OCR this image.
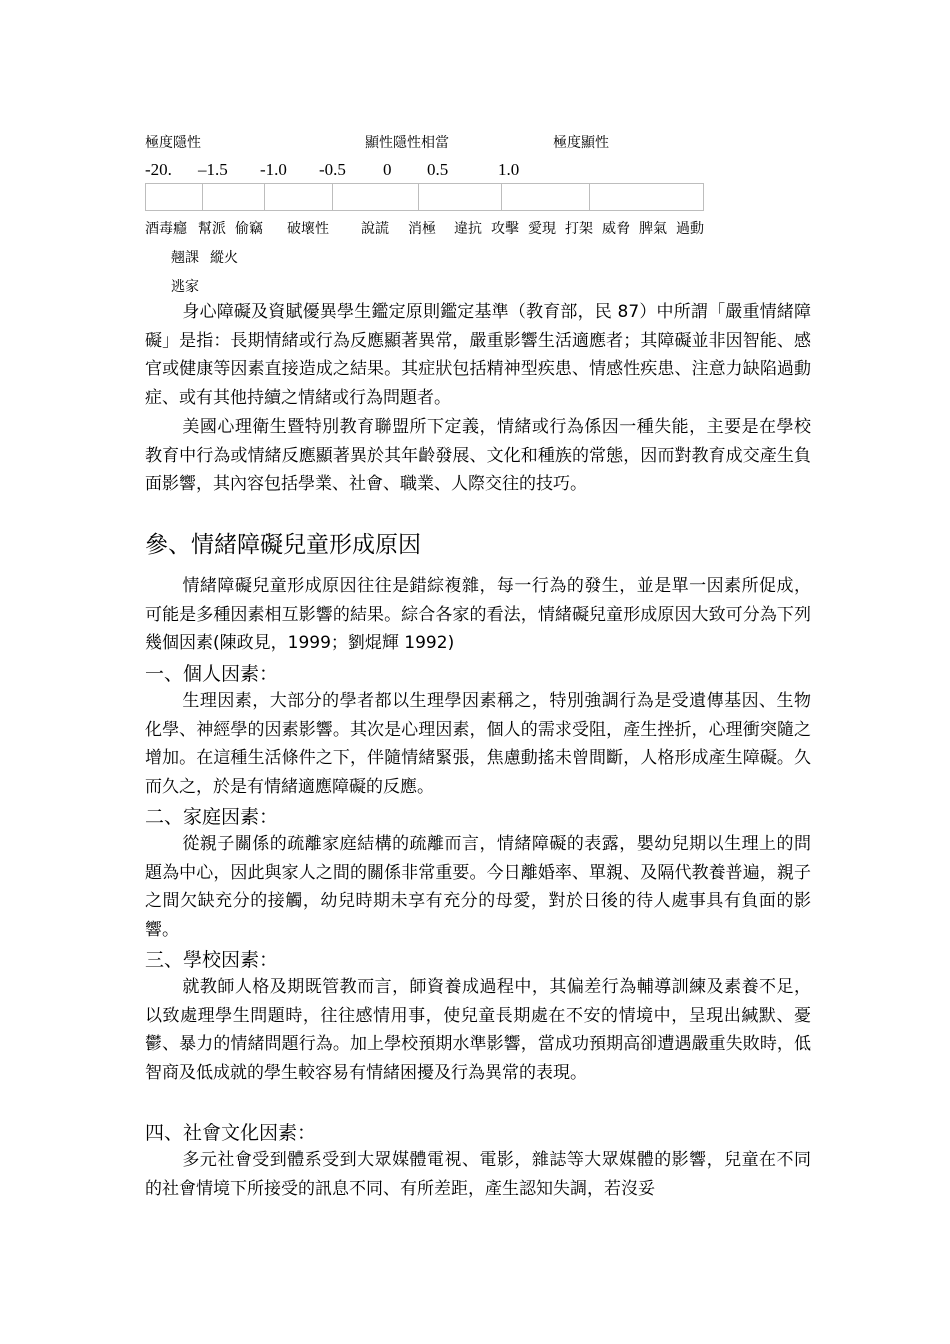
極度隱性	顯性隱性相當	極度顯性
-20. –1.5 -1.0 -0.5 0 0.5	1.0
酒毒癮 幫派 偷竊 破壞性 說謊 消極 違抗 攻擊 愛現 打架 威脅 脾氣 過動
翹課 縱火
逃家

身心障礙及資賦優異學生鑑定原則鑑定基準（教育部，民 87）中所謂「嚴重情緒障礙」是指：長期情緒或行為反應顯著異常，嚴重影響生活適應者；其障礙並非因智能、感官或健康等因素直接造成之結果。其症狀包括精神型疾患、情感性疾患、注意力缺陷過動症、或有其他持續之情緒或行為問題者。

美國心理衛生暨特別教育聯盟所下定義，情緒或行為係因一種失能，主要是在學校教育中行為或情緒反應顯著異於其年齡發展、文化和種族的常態，因而對教育成交產生負面影響，其內容包括學業、社會、職業、人際交往的技巧。

參、情緒障礙兒童形成原因

情緒障礙兒童形成原因往往是錯綜複雜，每一行為的發生，並是單一因素所促成，可能是多種因素相互影響的結果。綜合各家的看法，情緒礙兒童形成原因大致可分為下列幾個因素(陳政見，1999；劉焜輝 1992)

一、個人因素：

生理因素，大部分的學者都以生理學因素稱之，特別強調行為是受遺傳基因、生物化學、神經學的因素影響。其次是心理因素，個人的需求受阻，產生挫折，心理衝突隨之增加。在這種生活條件之下，伴隨情緒緊張，焦慮動搖未曾間斷，人格形成產生障礙。久而久之，於是有情緒適應障礙的反應。

二、家庭因素：

從親子關係的疏離家庭結構的疏離而言，情緒障礙的表露，嬰幼兒期以生理上的問題為中心，因此與家人之間的關係非常重要。今日離婚率、單親、及隔代教養普遍，親子之間欠缺充分的接觸，幼兒時期未享有充分的母愛，對於日後的待人處事具有負面的影響。

三、學校因素：

就教師人格及期既管教而言，師資養成過程中，其偏差行為輔導訓練及素養不足，以致處理學生問題時，往往感情用事，使兒童長期處在不安的情境中，呈現出緘默、憂鬱、暴力的情緒問題行為。加上學校預期水準影響，當成功預期高卻遭遇嚴重失敗時，低智商及低成就的學生較容易有情緒困擾及行為異常的表現。

四、社會文化因素：

多元社會受到體系受到大眾媒體電視、電影，雜誌等大眾媒體的影響，兒童在不同的社會情境下所接受的訊息不同、有所差距，產生認知失調，若沒妥
